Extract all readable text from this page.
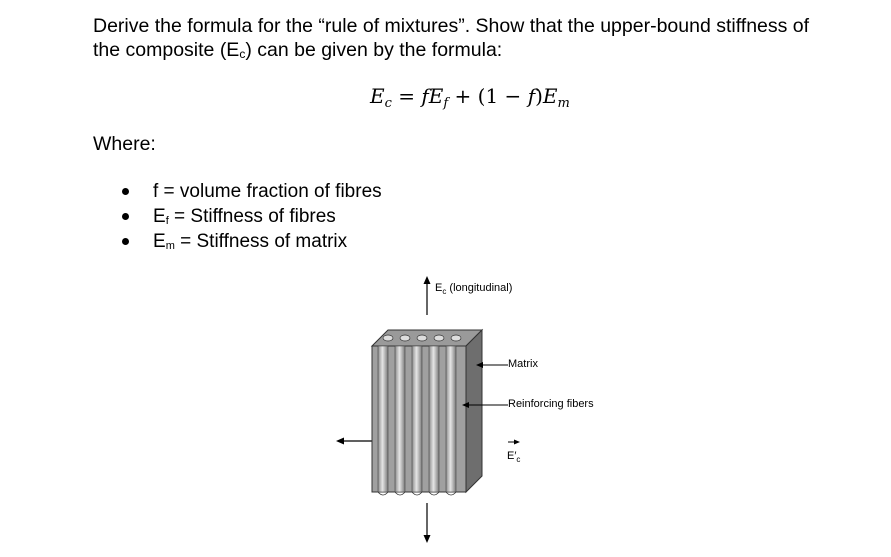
Derive the formula for the “rule of mixtures”. Show that the upper-bound stiffness of
the composite $(E_c)$ can be given by the formula:
$E_c = fE_f + (1 - f)E_m$
Where:
f = volume fraction of fibres
$E_f$ = Stiffness of fibres
$E_m$ = Stiffness of matrix
$E_c$ (longitudinal)
Matrix
Reinforcing fibers
$E'_c$
